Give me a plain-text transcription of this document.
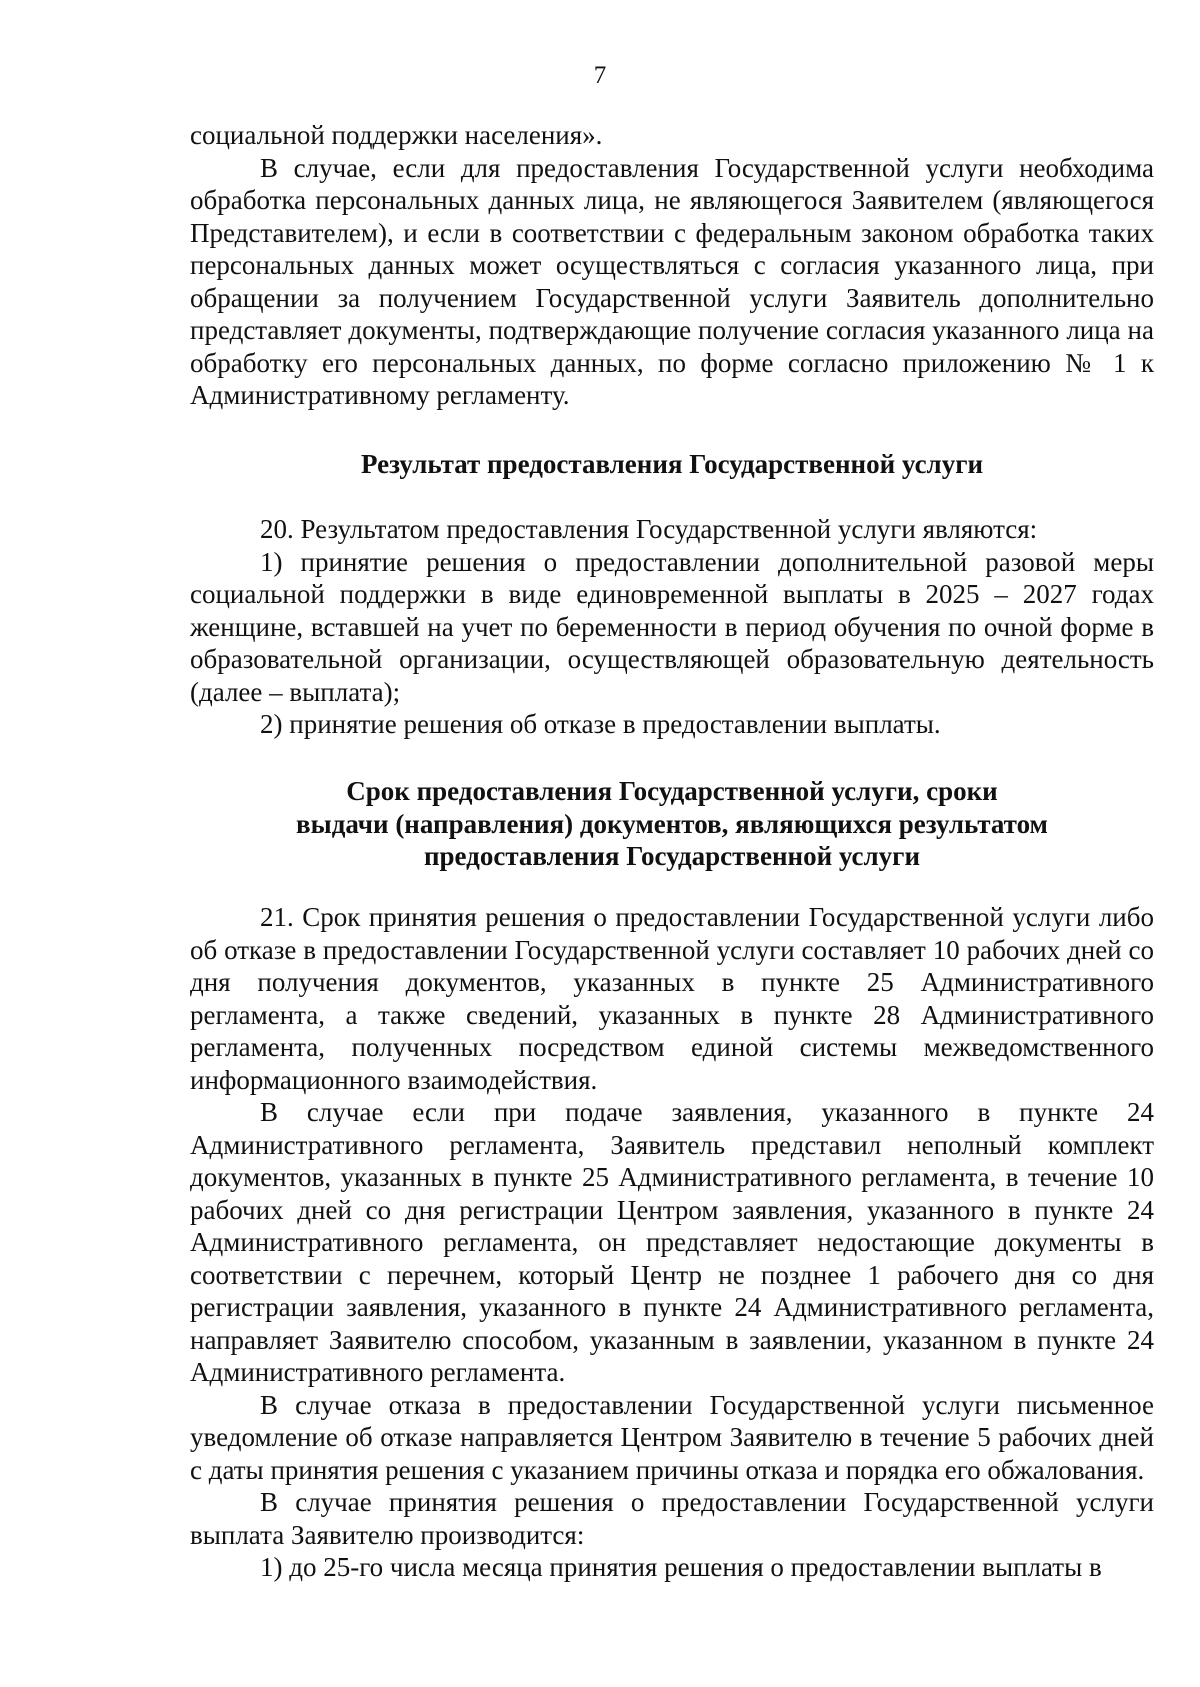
7

социальной поддержки населения».

В случае, если для предоставления Государственной услуги необходима обработка персональных данных лица, не являющегося Заявителем (являющегося Представителем), и если в соответствии с федеральным законом обработка таких персональных данных может осуществляться с согласия указанного лица, при обращении за получением Государственной услуги Заявитель дополнительно представляет документы, подтверждающие получение согласия указанного лица на обработку его персональных данных, по форме согласно приложению № 1 к Административному регламенту.

Результат предоставления Государственной услуги

20. Результатом предоставления Государственной услуги являются:

1) принятие решения о предоставлении дополнительной разовой меры социальной поддержки в виде единовременной выплаты в 2025 – 2027 годах женщине, вставшей на учет по беременности в период обучения по очной форме в образовательной организации, осуществляющей образовательную деятельность (далее – выплата);

2) принятие решения об отказе в предоставлении выплаты.

Срок предоставления Государственной услуги, сроки

выдачи (направления) документов, являющихся результатом

предоставления Государственной услуги

21. Срок принятия решения о предоставлении Государственной услуги либо об отказе в предоставлении Государственной услуги составляет 10 рабочих дней со дня получения документов, указанных в пункте 25 Административного регламента, а также сведений, указанных в пункте 28 Административного регламента, полученных посредством единой системы межведомственного информационного взаимодействия.

В случае если при подаче заявления, указанного в пункте 24 Административного регламента, Заявитель представил неполный комплект документов, указанных в пункте 25 Административного регламента, в течение 10 рабочих дней со дня регистрации Центром заявления, указанного в пункте 24 Административного регламента, он представляет недостающие документы в соответствии с перечнем, который Центр не позднее 1 рабочего дня со дня регистрации заявления, указанного в пункте 24 Административного регламента, направляет Заявителю способом, указанным в заявлении, указанном в пункте 24 Административного регламента.

В случае отказа в предоставлении Государственной услуги письменное уведомление об отказе направляется Центром Заявителю в течение 5 рабочих дней с даты принятия решения с указанием причины отказа и порядка его обжалования.

В случае принятия решения о предоставлении Государственной услуги выплата Заявителю производится:

1) до 25-го числа месяца принятия решения о предоставлении выплаты в
